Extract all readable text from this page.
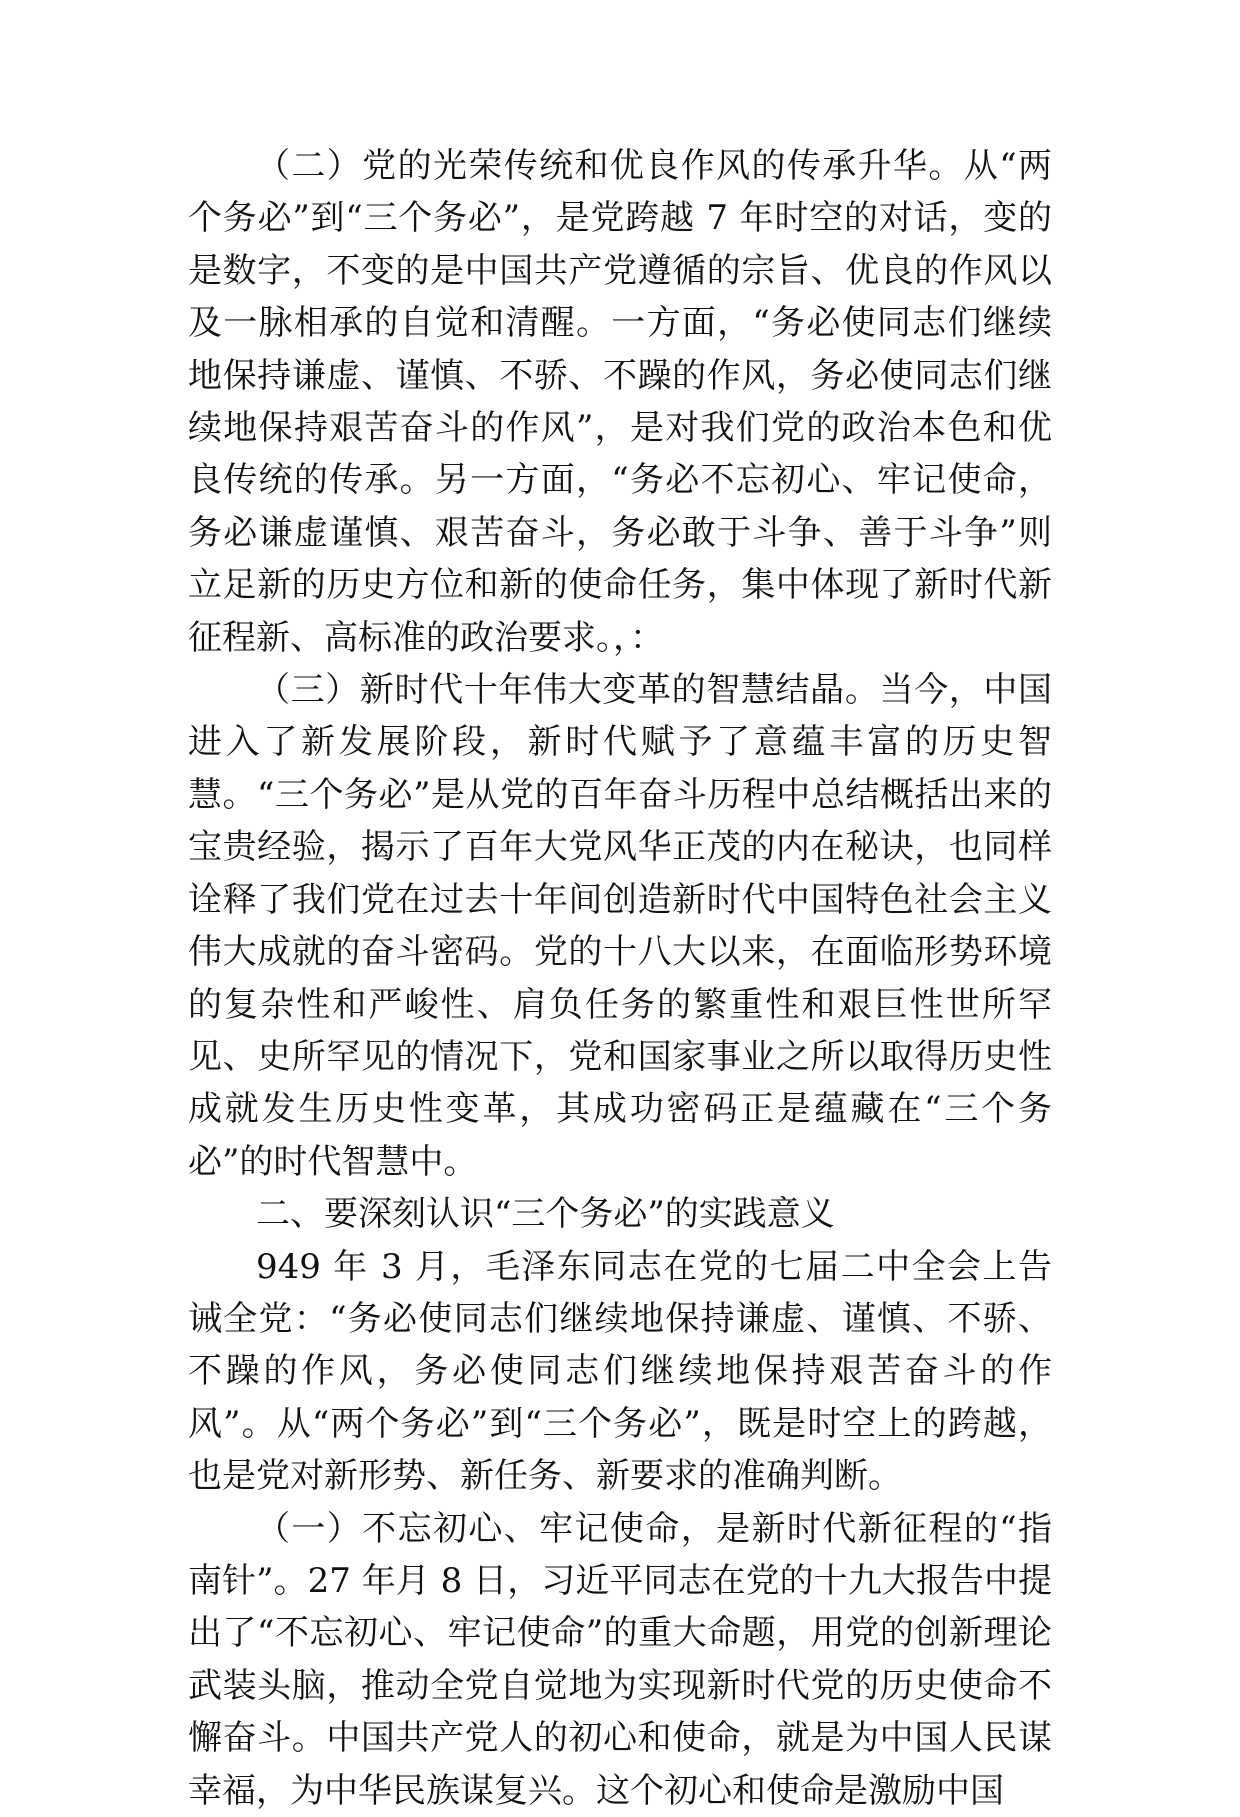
（二）党的光荣传统和优良作风的传承升华。从“两个务必”到“三个务必”，是党跨越 7 年时空的对话，变的是数字，不变的是中国共产党遵循的宗旨、优良的作风以及一脉相承的自觉和清醒。一方面，“务必使同志们继续地保持谦虚、谨慎、不骄、不躁的作风，务必使同志们继续地保持艰苦奋斗的作风”，是对我们党的政治本色和优良传统的传承。另一方面，“务必不忘初心、牢记使命，务必谦虚谨慎、艰苦奋斗，务必敢于斗争、善于斗争”则立足新的历史方位和新的使命任务，集中体现了新时代新征程新、高标准的政治要求。，：

（三）新时代十年伟大变革的智慧结晶。当今，中国进入了新发展阶段，新时代赋予了意蕴丰富的历史智慧。“三个务必”是从党的百年奋斗历程中总结概括出来的宝贵经验，揭示了百年大党风华正茂的内在秘诀，也同样诠释了我们党在过去十年间创造新时代中国特色社会主义伟大成就的奋斗密码。党的十八大以来，在面临形势环境的复杂性和严峻性、肩负任务的繁重性和艰巨性世所罕见、史所罕见的情况下，党和国家事业之所以取得历史性成就发生历史性变革，其成功密码正是蕴藏在“三个务必”的时代智慧中。

二、要深刻认识“三个务必”的实践意义

949 年 3 月，毛泽东同志在党的七届二中全会上告诫全党：“务必使同志们继续地保持谦虚、谨慎、不骄、不躁的作风，务必使同志们继续地保持艰苦奋斗的作风”。从“两个务必”到“三个务必”，既是时空上的跨越，也是党对新形势、新任务、新要求的准确判断。

（一）不忘初心、牢记使命，是新时代新征程的“指南针”。27 年月 8 日，习近平同志在党的十九大报告中提出了“不忘初心、牢记使命”的重大命题，用党的创新理论武装头脑，推动全党自觉地为实现新时代党的历史使命不懈奋斗。中国共产党人的初心和使命，就是为中国人民谋幸福，为中华民族谋复兴。这个初心和使命是激励中国
